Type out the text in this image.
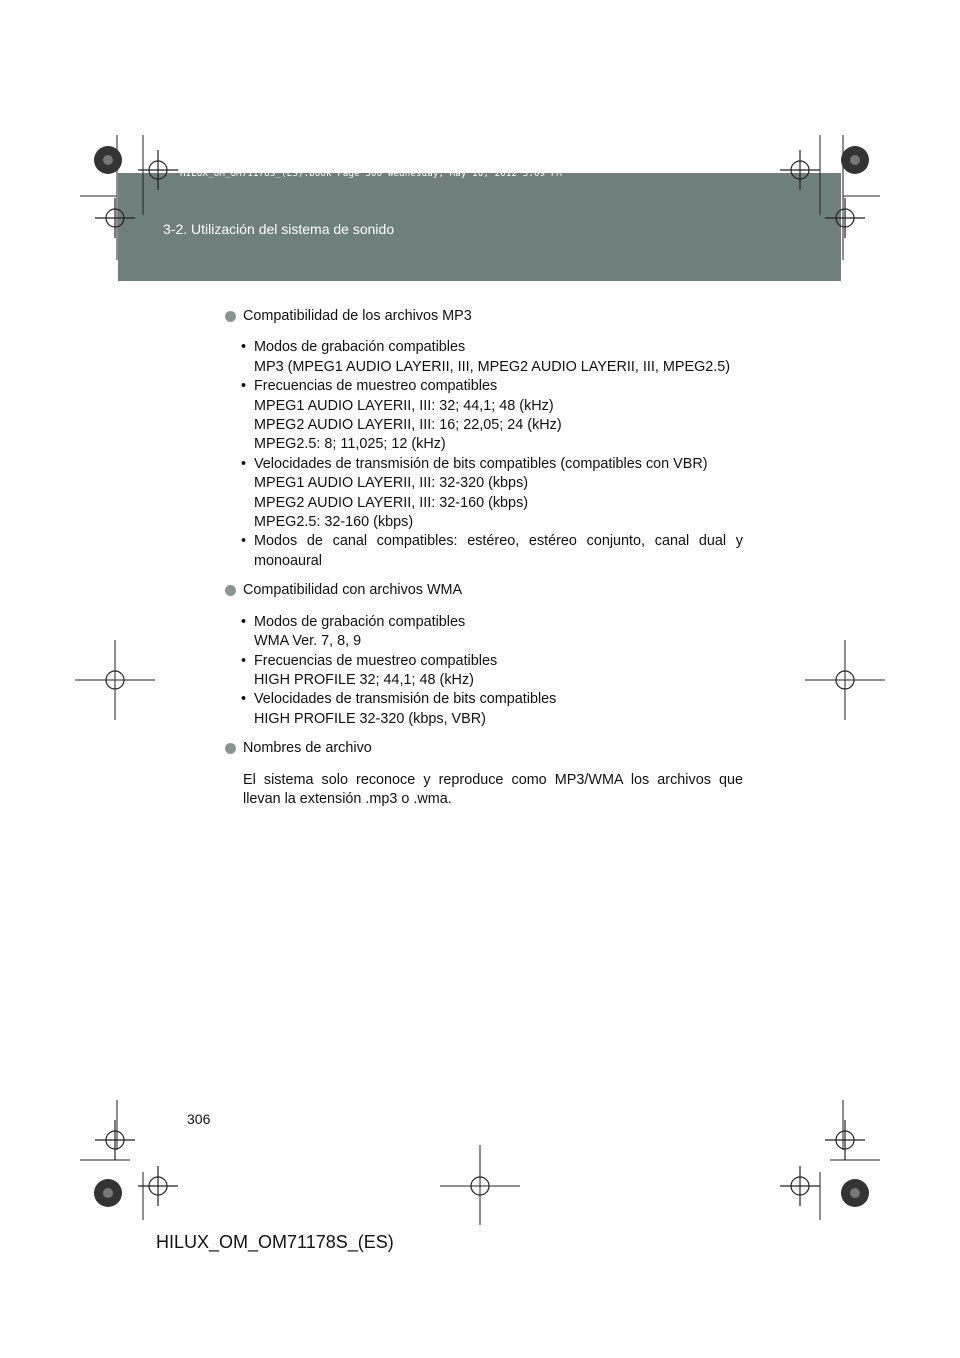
HILUX_OM_OM71178S_(ES).book Page 306 Wednesday, May 16, 2012 3:09 PM
3-2. Utilización del sistema de sonido

Compatibilidad de los archivos MP3

• Modos de grabación compatibles
MP3 (MPEG1 AUDIO LAYERII, III, MPEG2 AUDIO LAYERII, III, MPEG2.5)
• Frecuencias de muestreo compatibles
MPEG1 AUDIO LAYERII, III: 32; 44,1; 48 (kHz)
MPEG2 AUDIO LAYERII, III: 16; 22,05; 24 (kHz)
MPEG2.5: 8; 11,025; 12 (kHz)
• Velocidades de transmisión de bits compatibles (compatibles con VBR)
MPEG1 AUDIO LAYERII, III: 32-320 (kbps)
MPEG2 AUDIO LAYERII, III: 32-160 (kbps)
MPEG2.5: 32-160 (kbps)
• Modos de canal compatibles: estéreo, estéreo conjunto, canal dual y monoaural

Compatibilidad con archivos WMA

• Modos de grabación compatibles
WMA Ver. 7, 8, 9
• Frecuencias de muestreo compatibles
HIGH PROFILE 32; 44,1; 48 (kHz)
• Velocidades de transmisión de bits compatibles
HIGH PROFILE 32-320 (kbps, VBR)

Nombres de archivo

El sistema solo reconoce y reproduce como MP3/WMA los archivos que llevan la extensión .mp3 o .wma.

306
HILUX_OM_OM71178S_(ES)
